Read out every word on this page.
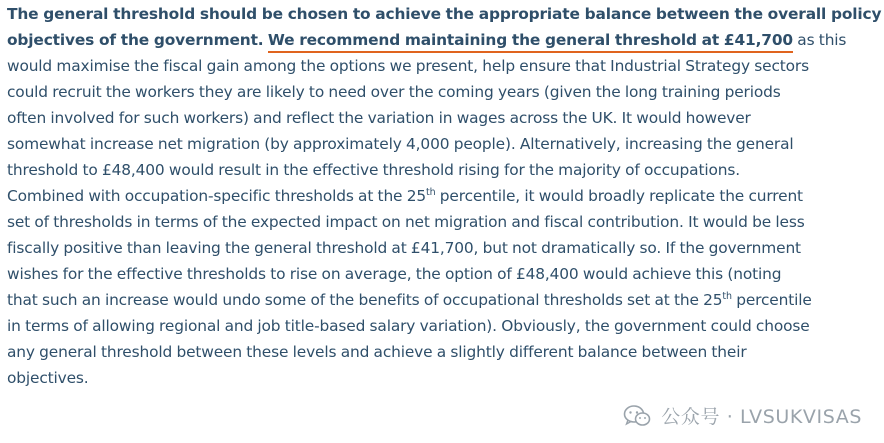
The general threshold should be chosen to achieve the appropriate balance between the overall policy
objectives of the government. We recommend maintaining the general threshold at £41,700 as this
would maximise the fiscal gain among the options we present, help ensure that Industrial Strategy sectors
could recruit the workers they are likely to need over the coming years (given the long training periods
often involved for such workers) and reflect the variation in wages across the UK. It would however
somewhat increase net migration (by approximately 4,000 people). Alternatively, increasing the general
threshold to £48,400 would result in the effective threshold rising for the majority of occupations.
Combined with occupation-specific thresholds at the 25th percentile, it would broadly replicate the current
set of thresholds in terms of the expected impact on net migration and fiscal contribution. It would be less
fiscally positive than leaving the general threshold at £41,700, but not dramatically so. If the government
wishes for the effective thresholds to rise on average, the option of £48,400 would achieve this (noting
that such an increase would undo some of the benefits of occupational thresholds set at the 25th percentile
in terms of allowing regional and job title-based salary variation). Obviously, the government could choose
any general threshold between these levels and achieve a slightly different balance between their
objectives.
公众号 · LVSUKVISAS
